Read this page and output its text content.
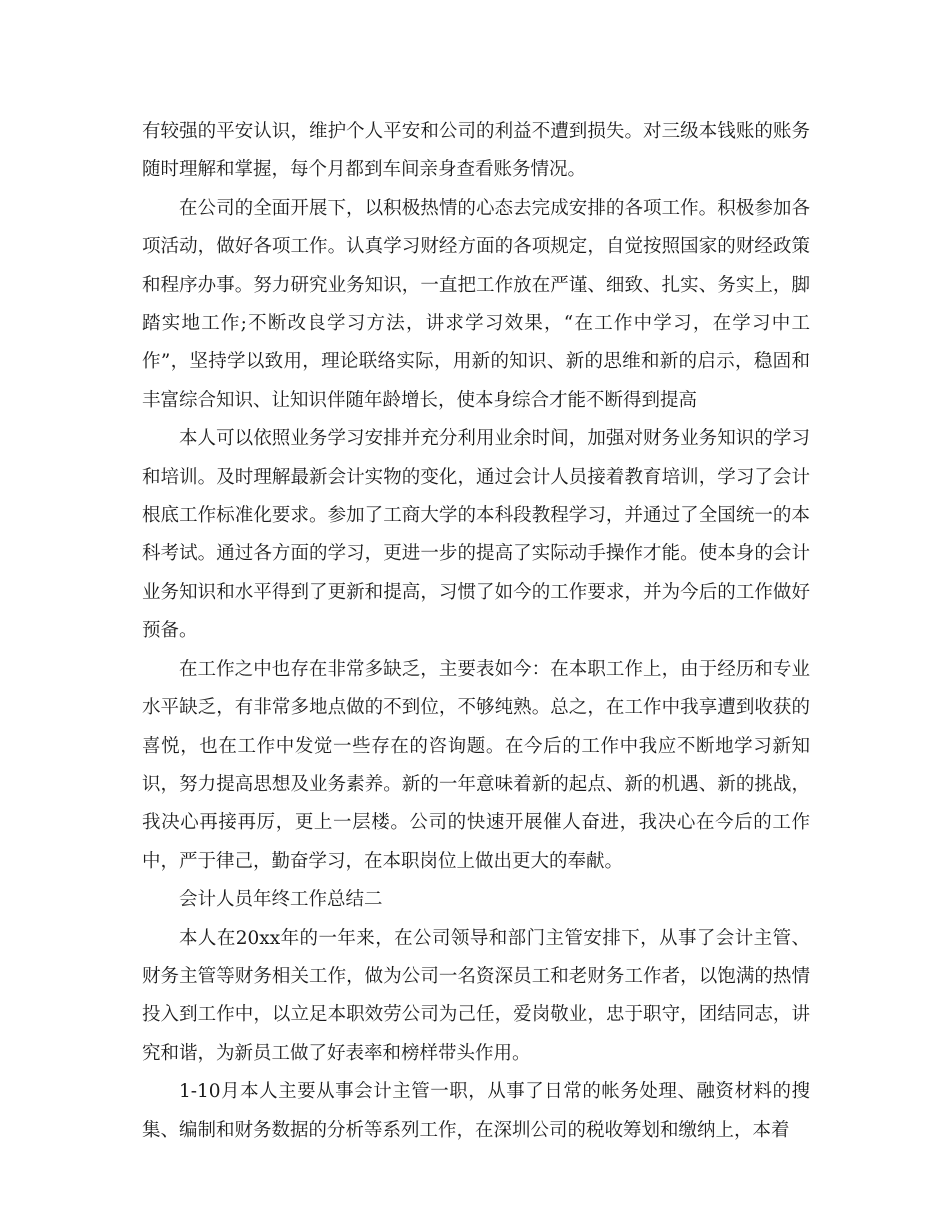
有较强的平安认识，维护个人平安和公司的利益不遭到损失。对三级本钱账的账务随时理解和掌握，每个月都到车间亲身查看账务情况。

在公司的全面开展下，以积极热情的心态去完成安排的各项工作。积极参加各项活动，做好各项工作。认真学习财经方面的各项规定，自觉按照国家的财经政策和程序办事。努力研究业务知识，一直把工作放在严谨、细致、扎实、务实上，脚踏实地工作;不断改良学习方法，讲求学习效果，“在工作中学习，在学习中工作”，坚持学以致用，理论联络实际，用新的知识、新的思维和新的启示，稳固和丰富综合知识、让知识伴随年龄增长，使本身综合才能不断得到提高

本人可以依照业务学习安排并充分利用业余时间，加强对财务业务知识的学习和培训。及时理解最新会计实物的变化，通过会计人员接着教育培训，学习了会计根底工作标准化要求。参加了工商大学的本科段教程学习，并通过了全国统一的本科考试。通过各方面的学习，更进一步的提高了实际动手操作才能。使本身的会计业务知识和水平得到了更新和提高，习惯了如今的工作要求，并为今后的工作做好预备。

在工作之中也存在非常多缺乏，主要表如今：在本职工作上，由于经历和专业水平缺乏，有非常多地点做的不到位，不够纯熟。总之，在工作中我享遭到收获的喜悦，也在工作中发觉一些存在的咨询题。在今后的工作中我应不断地学习新知识，努力提高思想及业务素养。新的一年意味着新的起点、新的机遇、新的挑战，我决心再接再厉，更上一层楼。公司的快速开展催人奋进，我决心在今后的工作中，严于律己，勤奋学习，在本职岗位上做出更大的奉献。

会计人员年终工作总结二

本人在20xx年的一年来，在公司领导和部门主管安排下，从事了会计主管、财务主管等财务相关工作，做为公司一名资深员工和老财务工作者，以饱满的热情投入到工作中，以立足本职效劳公司为己任，爱岗敬业，忠于职守，团结同志，讲究和谐，为新员工做了好表率和榜样带头作用。

1-10月本人主要从事会计主管一职，从事了日常的帐务处理、融资材料的搜集、编制和财务数据的分析等系列工作，在深圳公司的税收筹划和缴纳上，本着
